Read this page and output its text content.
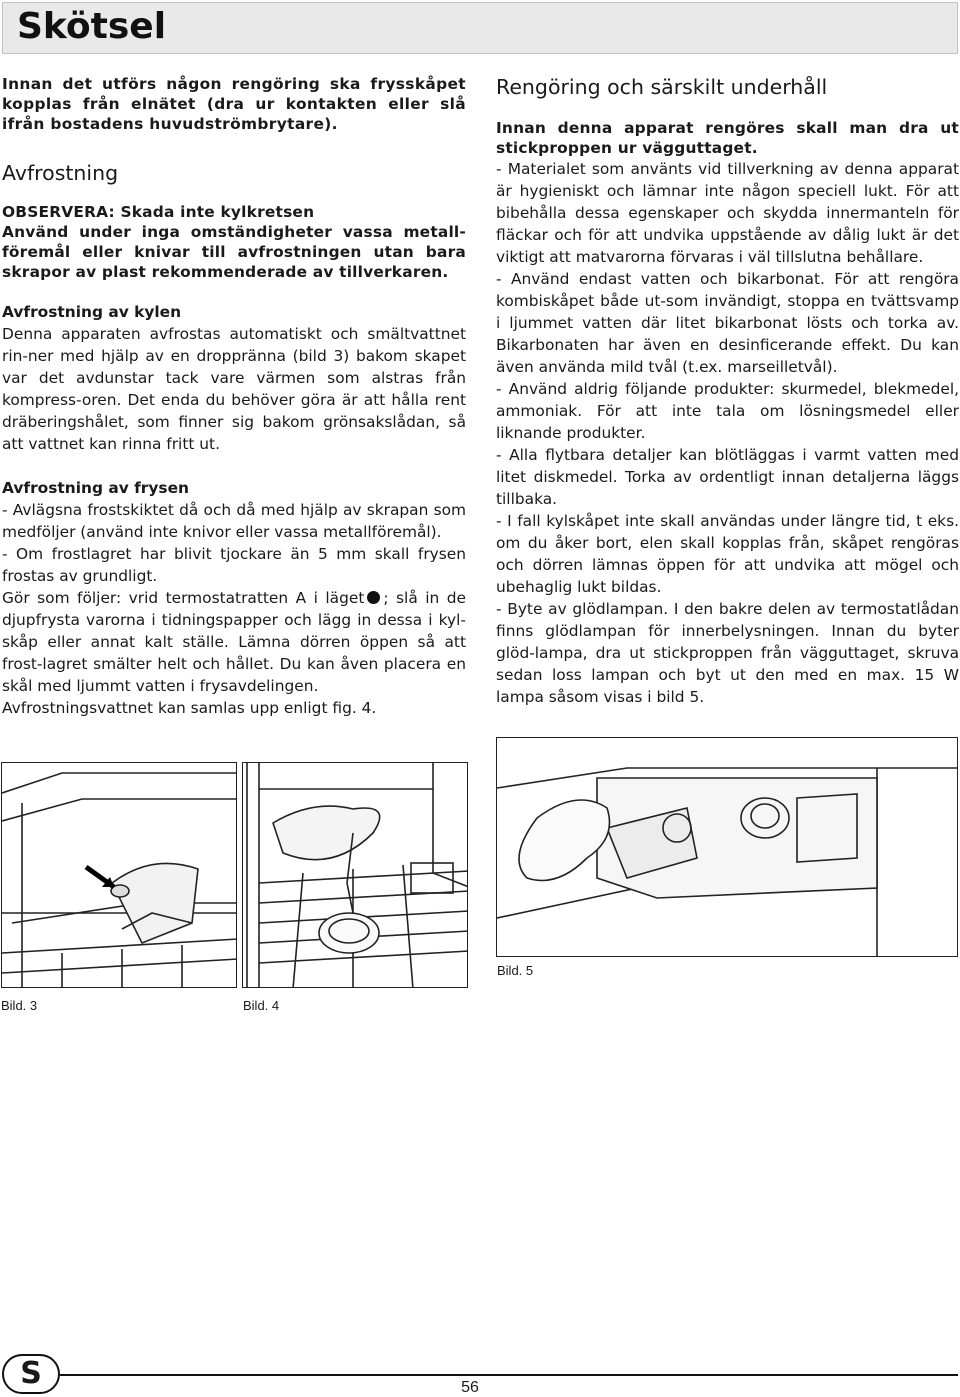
Skötsel

Innan det utförs någon rengöring ska frysskåpet kopplas från elnätet (dra ur kontakten eller slå ifrån bostadens huvudströmbrytare).

Avfrostning

OBSERVERA: Skada inte kylkretsen

Använd under inga omständigheter vassa metall-föremål eller knivar till avfrostningen utan bara skrapor av plast rekommenderade av tillverkaren.

Avfrostning av kylen

Denna apparaten avfrostas automatiskt och smältvattnet rin-ner med hjälp av en droppränna (bild 3) bakom skapet var det avdunstar tack vare värmen som alstras från kompress-oren. Det enda du behöver göra är att hålla rent dräberingshålet, som finner sig bakom grönsakslådan, så att vattnet kan rinna fritt ut.

Avfrostning av frysen

- Avlägsna frostskiktet då och då med hjälp av skrapan som medföljer (använd inte knivor eller vassa metallföremål).

- Om frostlagret har blivit tjockare än 5 mm skall frysen frostas av grundligt.

Gör som följer: vrid termostatratten A i läget ; slå in de djupfrysta varorna i tidningspapper och lägg in dessa i kyl-skåp eller annat kalt ställe. Lämna dörren öppen så att frost-lagret smälter helt och hållet. Du kan åven placera en skål med ljummt vatten i frysavdelingen.

Avfrostningsvattnet kan samlas upp enligt fig. 4.

Rengöring och särskilt underhåll

Innan denna apparat rengöres skall man dra ut stickproppen ur vägguttaget.

- Materialet som använts vid tillverkning av denna apparat är hygieniskt och lämnar inte någon speciell lukt. För att bibehålla dessa egenskaper och skydda innermanteln för fläckar och för att undvika uppstående av dålig lukt är det viktigt att matvarorna förvaras i väl tillslutna behållare.

- Använd endast vatten och bikarbonat. För att rengöra kombiskåpet både ut-som invändigt, stoppa en tvättsvamp i ljummet vatten där litet bikarbonat lösts och torka av. Bikarbonaten har även en desinficerande effekt. Du kan även använda mild tvål (t.ex. marseilletvål).

- Använd aldrig följande produkter: skurmedel, blekmedel, ammoniak. För att inte tala om lösningsmedel eller liknande produkter.

- Alla flytbara detaljer kan blötläggas i varmt vatten med litet diskmedel. Torka av ordentligt innan detaljerna läggs tillbaka.

- I fall kylskåpet inte skall användas under längre tid, t eks. om du åker bort, elen skall kopplas från, skåpet rengöras och dörren lämnas öppen för att undvika att mögel och ubehaglig lukt bildas.

- Byte av glödlampan. I den bakre delen av termostatlådan finns glödlampan för innerbelysningen. Innan du byter glöd-lampa, dra ut stickproppen från vägguttaget, skruva sedan loss lampan och byt ut den med en max. 15 W lampa såsom visas i bild 5.

Bild. 3	Bild. 4
Bild. 5
S	56
